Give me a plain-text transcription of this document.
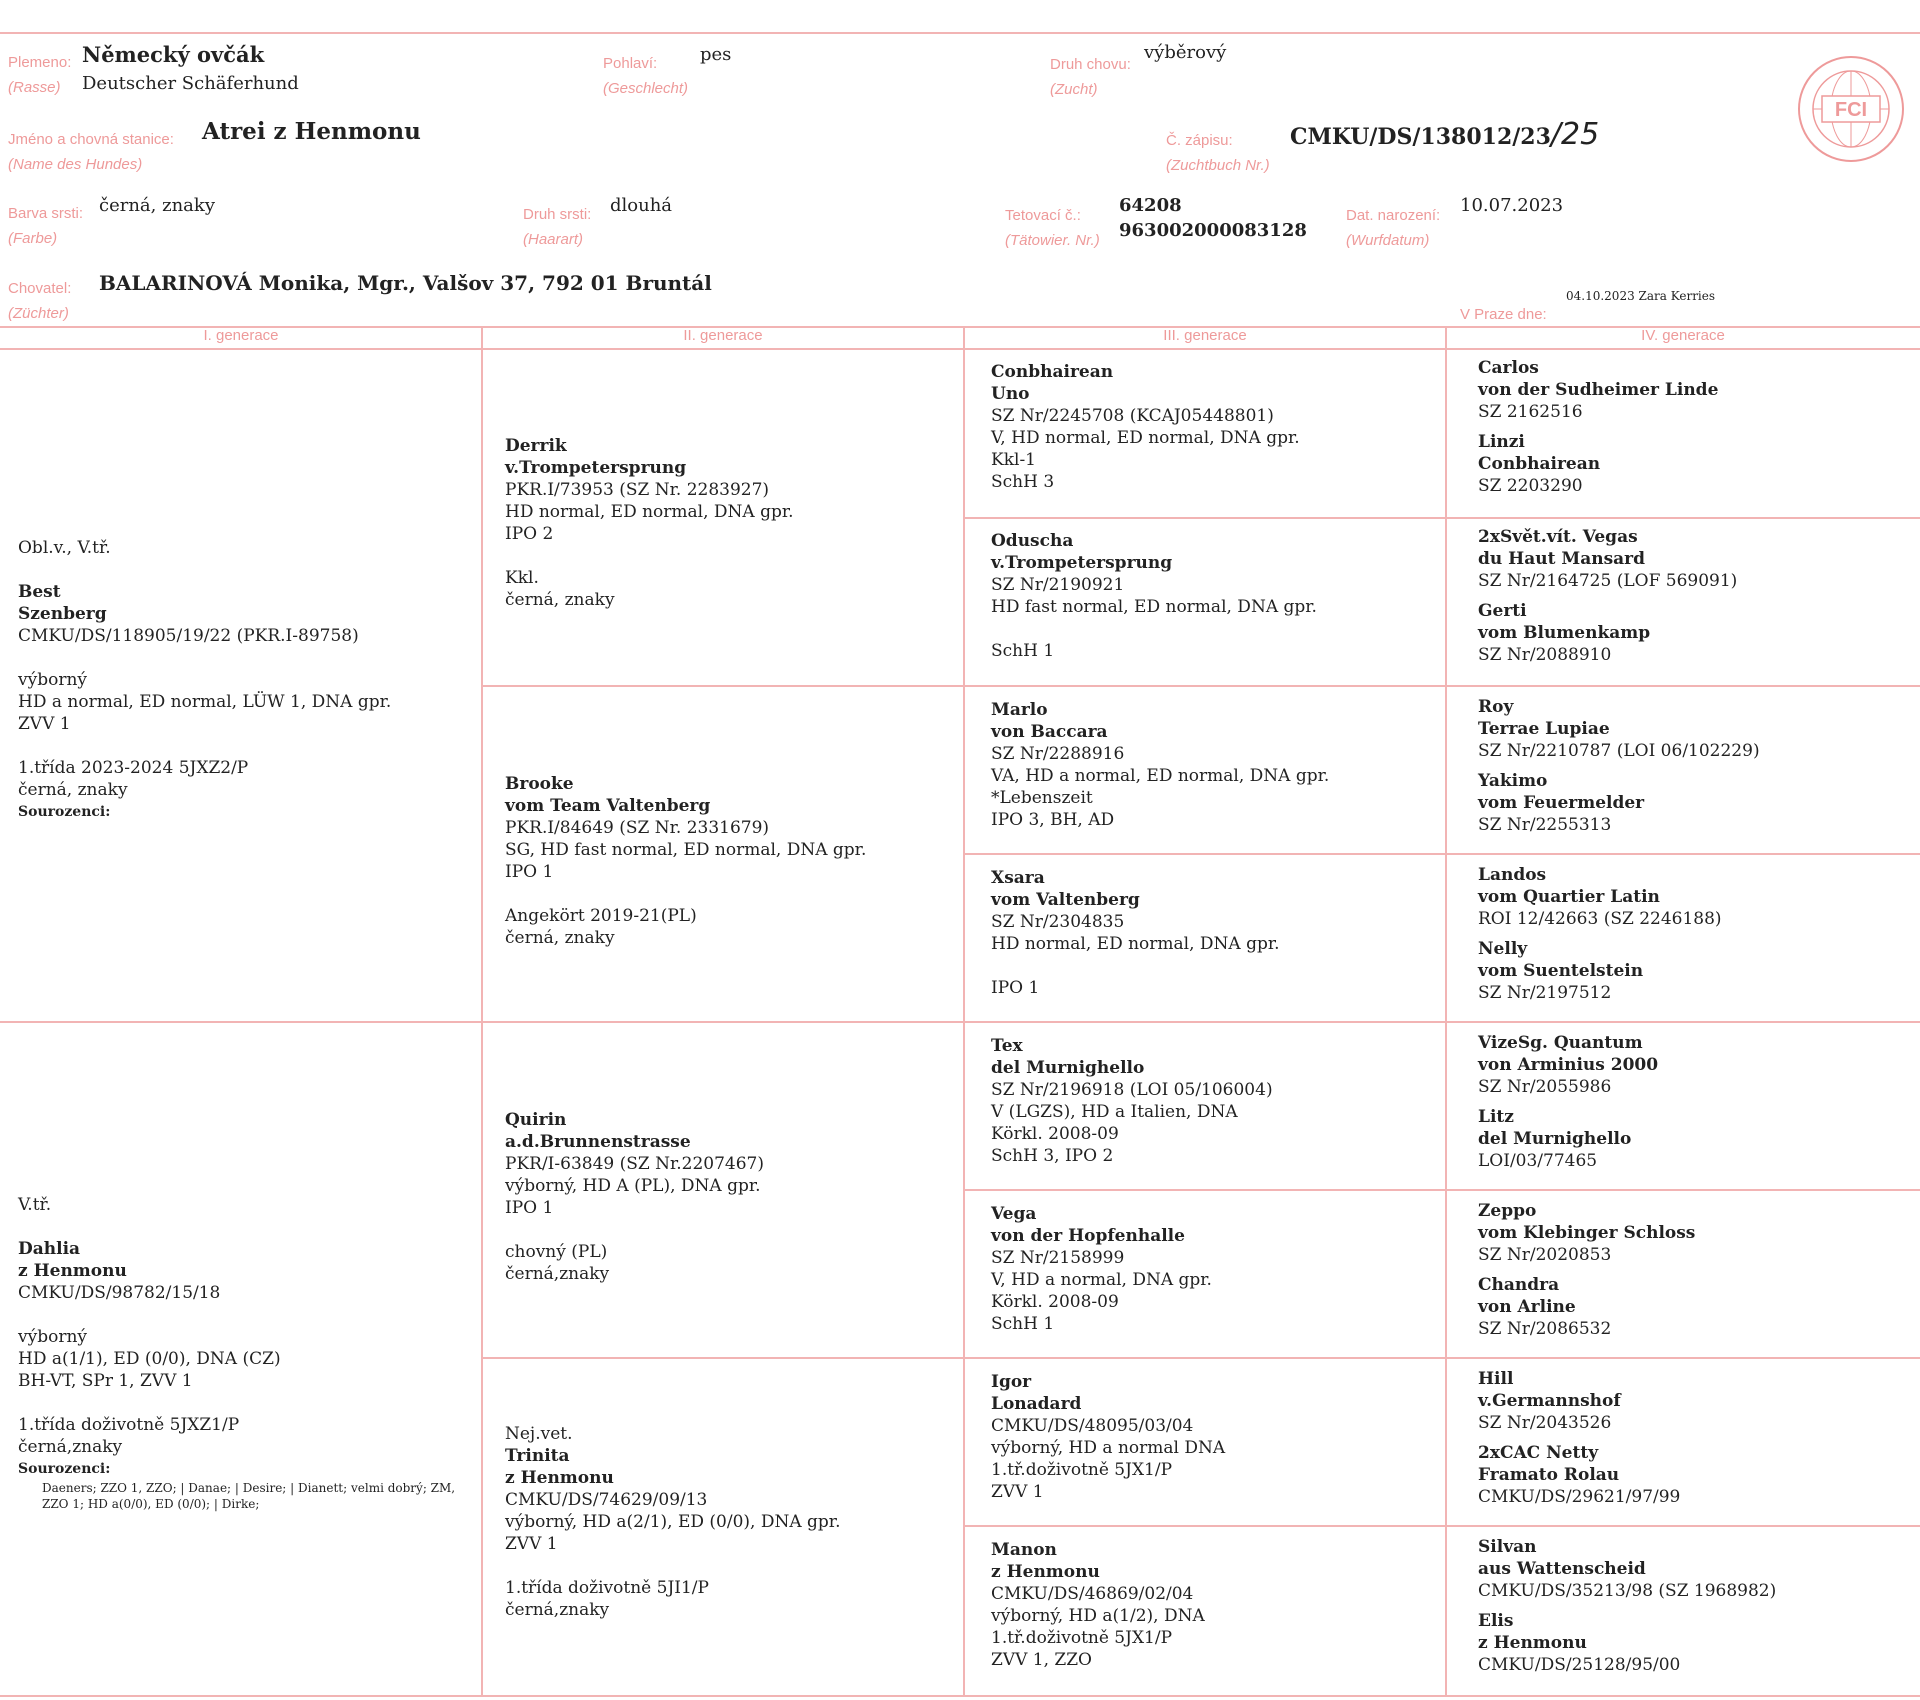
Plemeno:
(Rasse)
Německý ovčák
Deutscher Schäferhund
Pohlaví:
(Geschlecht)
pes	Druh chovu:
(Zucht)
výběrový
FCI
Jméno a chovná stanice:
(Name des Hundes)
Atrei z Henmonu	Č. zápisu:
(Zuchtbuch Nr.)
CMKU/DS/138012/23/25
Barva srsti:
(Farbe)
černá, znaky	Druh srsti:
(Haarart)
dlouhá	Tetovací č.:
(Tätowier. Nr.)
64208
963002000083128
Dat. narození:
(Wurfdatum)
10.07.2023
Chovatel:
(Züchter)
BALARINOVÁ Monika, Mgr., Valšov 37, 792 01 Bruntál
04.10.2023 Zara Kerries
V Praze dne:
I. generace	II. generace	III. generace	IV. generace
Obl.v., V.tř.
Best
Szenberg
CMKU/DS/118905/19/22 (PKR.I-89758)
výborný
HD a normal, ED normal, LÜW 1, DNA gpr.
ZVV 1
1.třída 2023-2024 5JXZ2/P
černá, znaky
Sourozenci:
V.tř.
Dahlia
z Henmonu
CMKU/DS/98782/15/18
výborný
HD a(1/1), ED (0/0), DNA (CZ)
BH-VT, SPr 1, ZVV 1
1.třída doživotně 5JXZ1/P
černá,znaky
Sourozenci:
Daeners; ZZO 1, ZZO; | Danae; | Desire; | Dianett; velmi dobrý; ZM, ZZO 1; HD a(0/0), ED (0/0); | Dirke;
Derrik
v.Trompetersprung
PKR.I/73953 (SZ Nr. 2283927)
HD normal, ED normal, DNA gpr.
IPO 2
Kkl.
černá, znaky
Brooke
vom Team Valtenberg
PKR.I/84649 (SZ Nr. 2331679)
SG, HD fast normal, ED normal, DNA gpr.
IPO 1
Angekört 2019-21(PL)
černá, znaky
Quirin
a.d.Brunnenstrasse
PKR/I-63849 (SZ Nr.2207467)
výborný, HD A (PL), DNA gpr.
IPO 1
chovný (PL)
černá,znaky
Nej.vet.
Trinita
z Henmonu
CMKU/DS/74629/09/13
výborný, HD a(2/1), ED (0/0), DNA gpr.
ZVV 1
1.třída doživotně 5JI1/P
černá,znaky
Conbhairean
Uno
SZ Nr/2245708 (KCAJ05448801)
V, HD normal, ED normal, DNA gpr.
Kkl-1
SchH 3
Oduscha
v.Trompetersprung
SZ Nr/2190921
HD fast normal, ED normal, DNA gpr.
SchH 1
Marlo
von Baccara
SZ Nr/2288916
VA, HD a normal, ED normal, DNA gpr.
*Lebenszeit
IPO 3, BH, AD
Xsara
vom Valtenberg
SZ Nr/2304835
HD normal, ED normal, DNA gpr.
IPO 1
Tex
del Murnighello
SZ Nr/2196918 (LOI 05/106004)
V (LGZS), HD a Italien, DNA
Körkl. 2008-09
SchH 3, IPO 2
Vega
von der Hopfenhalle
SZ Nr/2158999
V, HD a normal, DNA gpr.
Körkl. 2008-09
SchH 1
Igor
Lonadard
CMKU/DS/48095/03/04
výborný, HD a normal DNA
1.tř.doživotně 5JX1/P
ZVV 1
Manon
z Henmonu
CMKU/DS/46869/02/04
výborný, HD a(1/2), DNA
1.tř.doživotně 5JX1/P
ZVV 1, ZZO
Carlos
von der Sudheimer Linde
SZ 2162516
Linzi
Conbhairean
SZ 2203290
2xSvět.vít. Vegas
du Haut Mansard
SZ Nr/2164725 (LOF 569091)
Gerti
vom Blumenkamp
SZ Nr/2088910
Roy
Terrae Lupiae
SZ Nr/2210787 (LOI 06/102229)
Yakimo
vom Feuermelder
SZ Nr/2255313
Landos
vom Quartier Latin
ROI 12/42663 (SZ 2246188)
Nelly
vom Suentelstein
SZ Nr/2197512
VizeSg. Quantum
von Arminius 2000
SZ Nr/2055986
Litz
del Murnighello
LOI/03/77465
Zeppo
vom Klebinger Schloss
SZ Nr/2020853
Chandra
von Arline
SZ Nr/2086532
Hill
v.Germannshof
SZ Nr/2043526
2xCAC Netty
Framato Rolau
CMKU/DS/29621/97/99
Silvan
aus Wattenscheid
CMKU/DS/35213/98 (SZ 1968982)
Elis
z Henmonu
CMKU/DS/25128/95/00
